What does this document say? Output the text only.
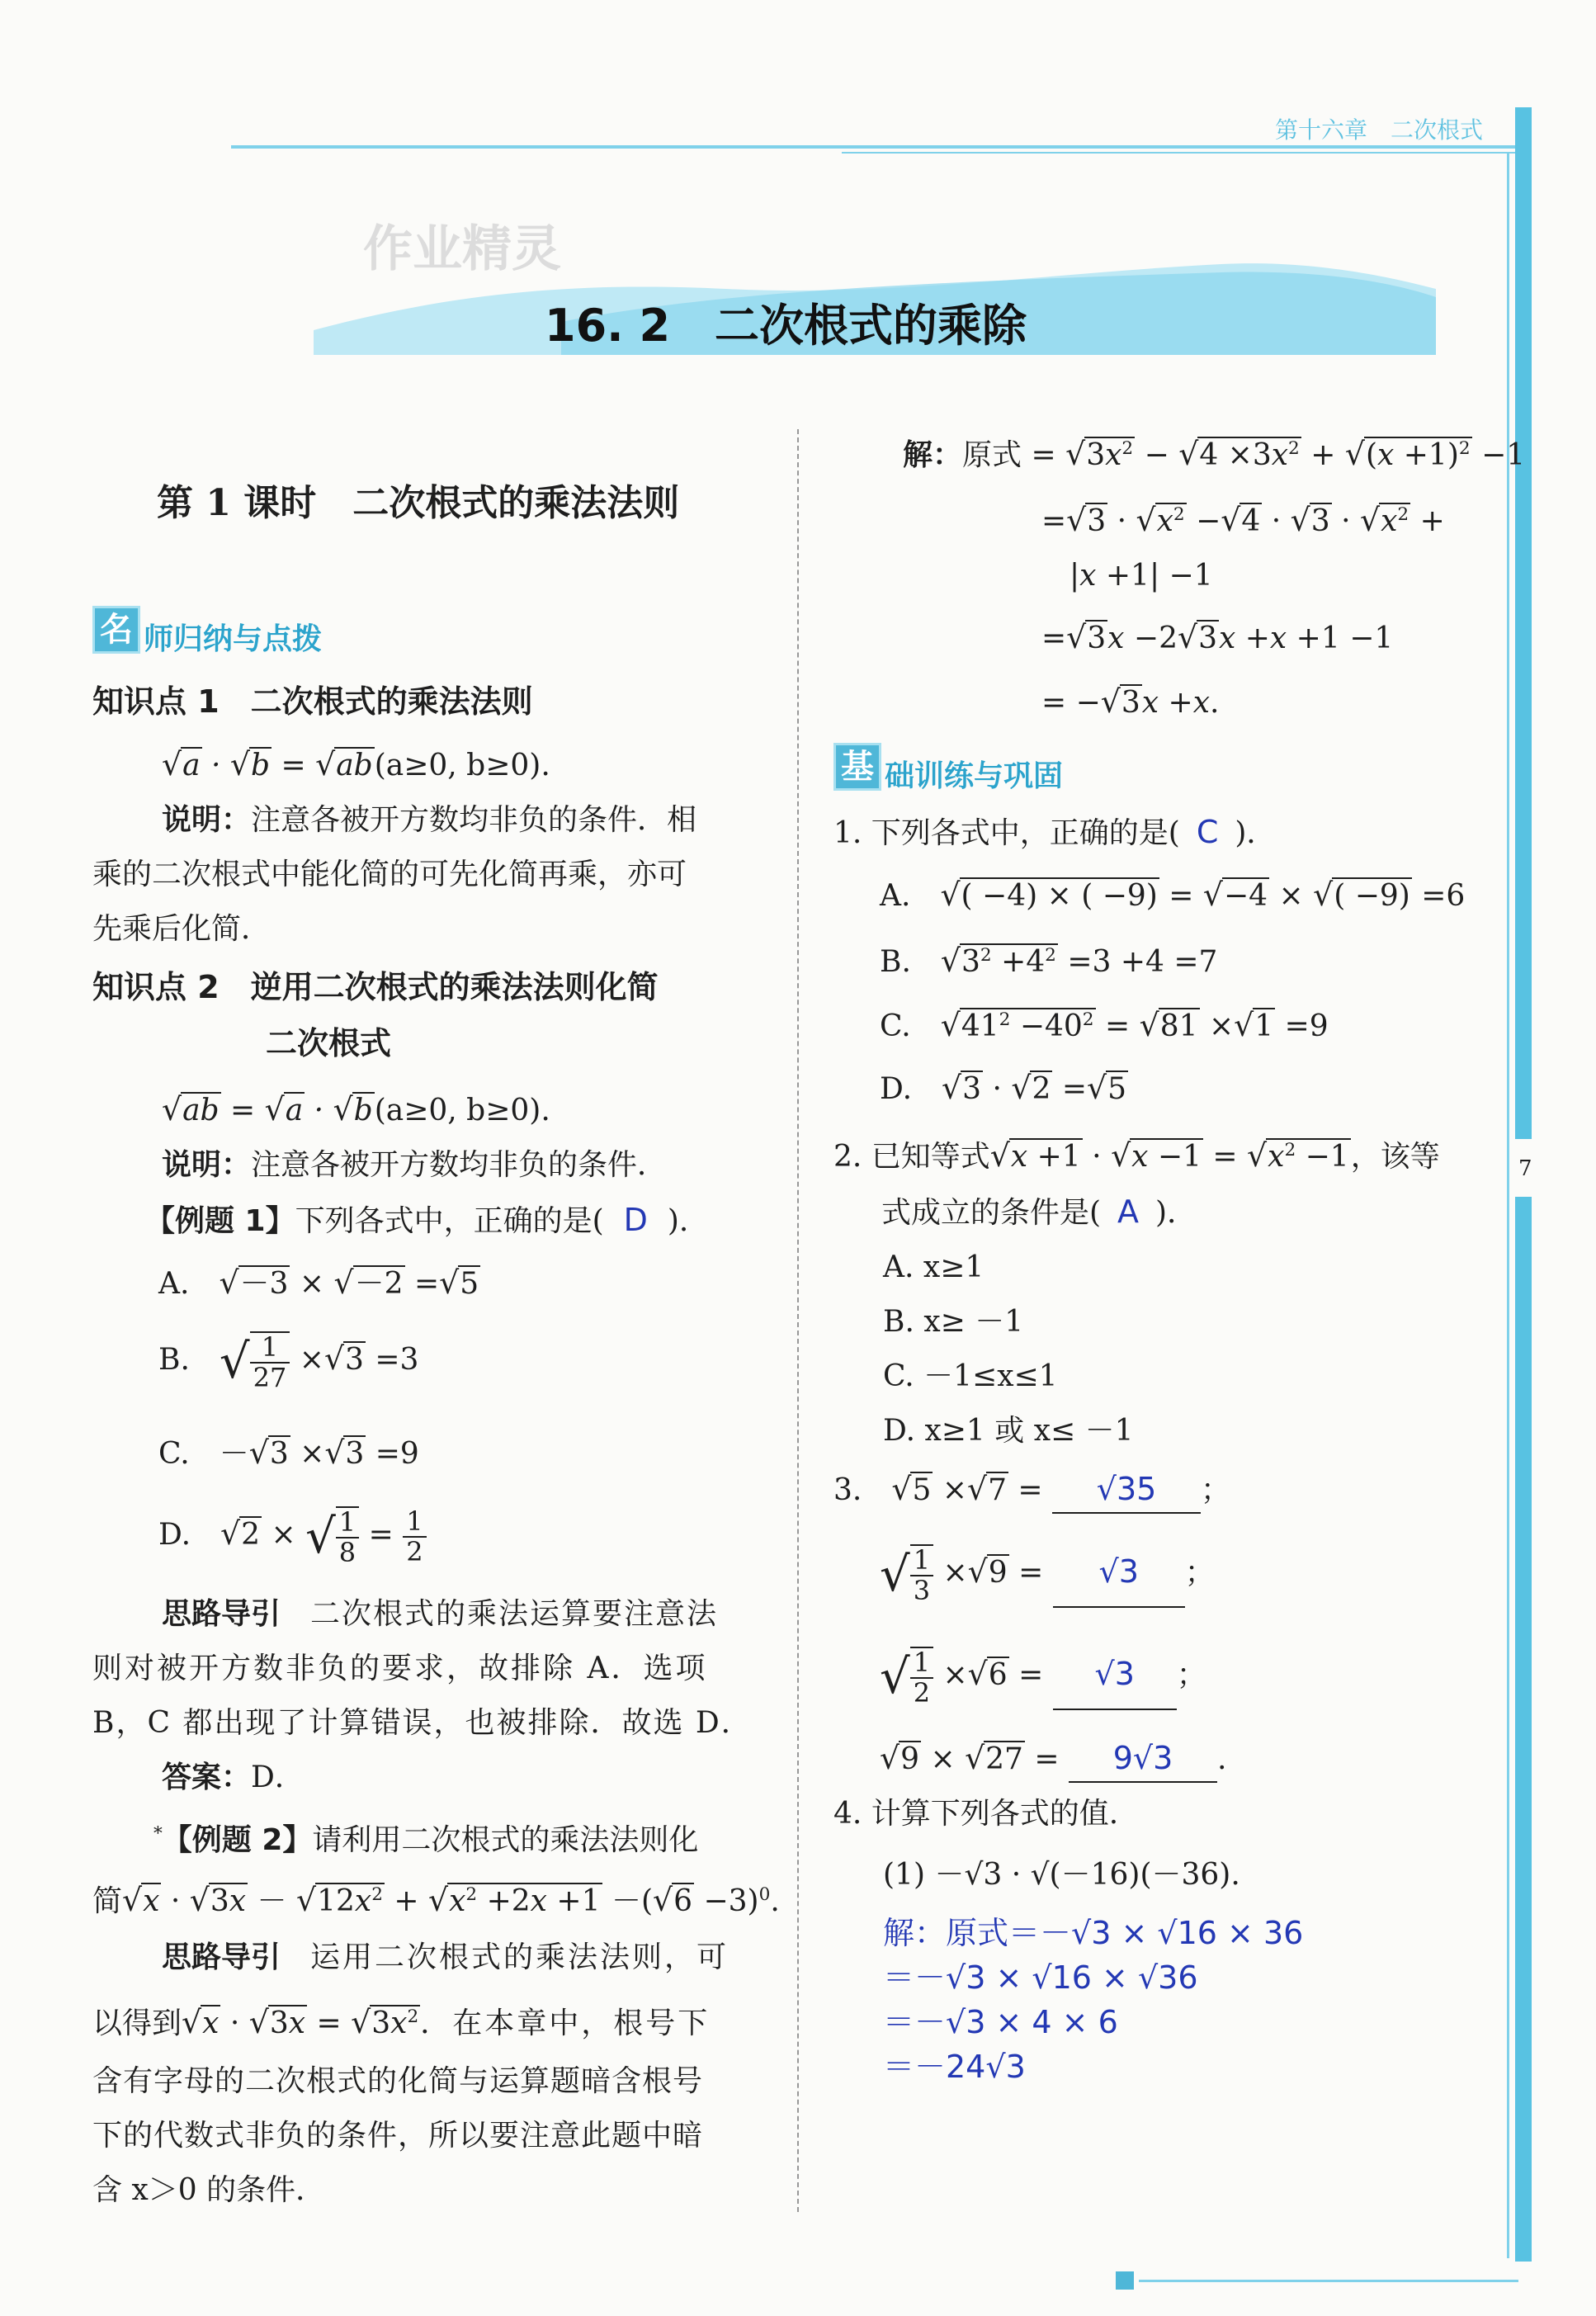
第十六章　二次根式
7
作业精灵
16. 2　二次根式的乘除
第 1 课时　二次根式的乘法法则
名 师归纳与点拨
知识点 1　二次根式的乘法法则
√a · √b = √ab(a≥0, b≥0).
说明：注意各被开方数均非负的条件．相
乘的二次根式中能化简的可先化简再乘，亦可
先乘后化简．
知识点 2　逆用二次根式的乘法法则化简
二次根式
√ab = √a · √b(a≥0, b≥0).
说明：注意各被开方数均非负的条件．
【例题 1】下列各式中，正确的是( D )．
A.　√－3 × √－2 =√5
B.　√ $\frac{1}{27} \times√3 =3$
C.　－√3 ×√3 =9
D.　√2 × √ $\frac{1}{8} = \frac{1}{2}$
思路导引 二次根式的乘法运算要注意法
则对被开方数非负的要求，故排除 A．选项
B，C 都出现了计算错误，也被排除．故选 D．
答案：D．
*【例题 2】请利用二次根式的乘法法则化
简$√x \cdot √3x - √12x^2 + √x^2 +2x +1 -(√6 -3)^0$.
思路导引 运用二次根式的乘法法则，可
以得到$√x \cdot √3x = √3x^2$．在本章中，根号下
含有字母的二次根式的化简与运算题暗含根号
下的代数式非负的条件，所以要注意此题中暗
含 x＞0 的条件．
解：原式 = $√3x^2 - √4 \times 3x^2 + √(x +1)^2 -1$
$=√3 \cdot √x^2 -√4 \cdot √3 \cdot √x^2$ +
|x +1| −1
=√3x −2√3x +x +1 −1
= −√3x +x.
基 础训练与巩固
1. 下列各式中，正确的是( C )．
A.　√( −4) × ( −9) = √−4 × √( −9) =6
B.　$√3^2 +4^2 =3 +4 =7$
C.　$√41^2 -40^2 = √81 \times√1 =9$
D.　√3 · √2 =√5
2. 已知等式$√x +1 \cdot √x -1 = √x^2 -1$，该等
式成立的条件是( A )．
A. x≥1
B. x≥ －1
C. －1≤x≤1
D. x≥1 或 x≤ －1
3.　 √5 ×√7 = √35 ；
√ $\frac{1}{3} \times√9 = √3$ ；
√ $\frac{1}{2} \times√6 = √3$ ；
√9 × √27 = 9√3 .
4. 计算下列各式的值.
(1) －√3 · √(－16)(－36).
解：原式＝－√3 × √16 × 36
＝－√3 × √16 × √36
＝－√3 × 4 × 6
＝－24√3
